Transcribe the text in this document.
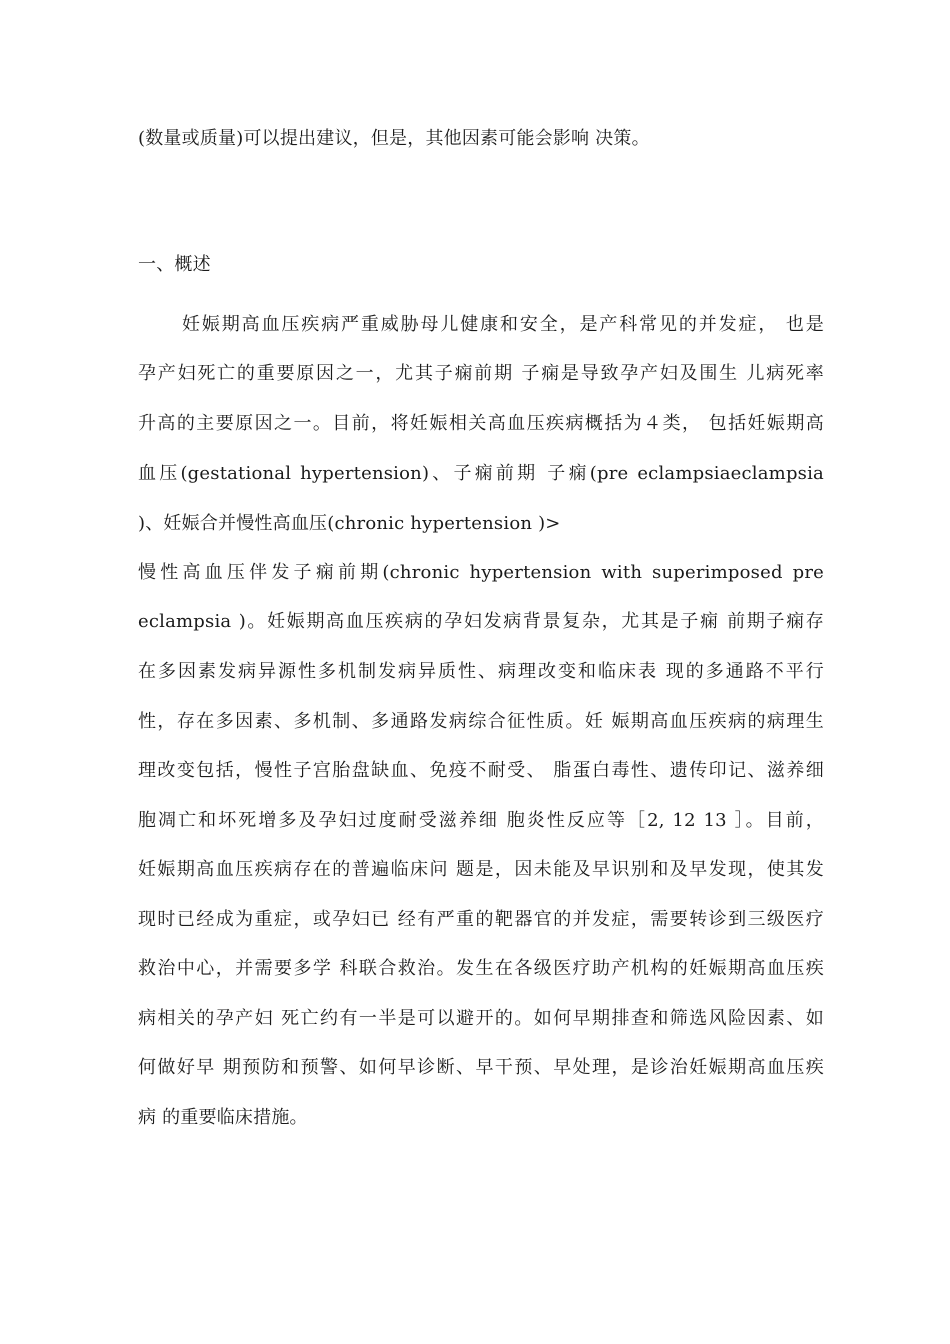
(数量或质量)可以提出建议，但是，其他因素可能会影响 决策。
一、概述
妊娠期高血压疾病严重威胁母儿健康和安全，是产科常见的并发症， 也是
孕产妇死亡的重要原因之一，尤其子痫前期 子痫是导致孕产妇及围生 儿病死率
升高的主要原因之一。目前，将妊娠相关高血压疾病概括为４类， 包括妊娠期高
血压(gestational hypertension)、子痫前期 子痫(pre eclampsiaeclampsia
)、妊娠合并慢性高血压(chronic hypertension )>
慢性高血压伴发子痫前期(chronic hypertension with superimposed pre
eclampsia )。妊娠期高血压疾病的孕妇发病背景复杂，尤其是子痫 前期子痫存
在多因素发病异源性多机制发病异质性、病理改变和临床表 现的多通路不平行
性，存在多因素、多机制、多通路发病综合征性质。妊 娠期高血压疾病的病理生
理改变包括，慢性子宫胎盘缺血、免疫不耐受、 脂蛋白毒性、遗传印记、滋养细
胞凋亡和坏死增多及孕妇过度耐受滋养细 胞炎性反应等［2, 12 13 ］。目前，
妊娠期高血压疾病存在的普遍临床问 题是，因未能及早识别和及早发现，使其发
现时已经成为重症，或孕妇已 经有严重的靶器官的并发症，需要转诊到三级医疗
救治中心，并需要多学 科联合救治。发生在各级医疗助产机构的妊娠期高血压疾
病相关的孕产妇 死亡约有一半是可以避开的。如何早期排查和筛选风险因素、如
何做好早 期预防和预警、如何早诊断、早干预、早处理，是诊治妊娠期高血压疾
病 的重要临床措施。
